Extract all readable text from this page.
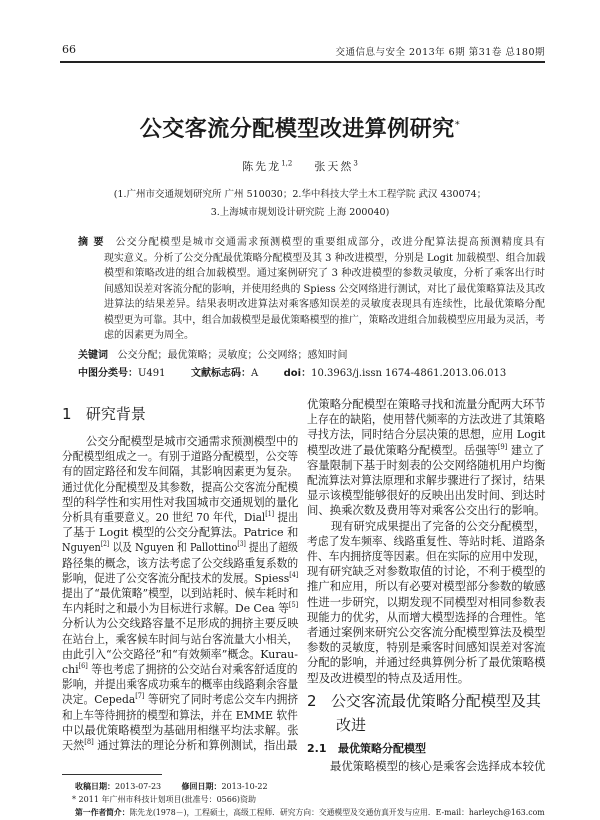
66	交通信息与安全 2013年 6期 第31卷 总180期
公交客流分配模型改进算例研究*
陈先龙$^{1,2}$ 张天然$^3$
(1.广州市交通规划研究所 广州 510030；2.华中科技大学土木工程学院 武汉 430074；
3.上海城市规划设计研究院 上海 200040)
摘 要　公交分配模型是城市交通需求预测模型的重要组成部分，改进分配算法提高预测精度具有
现实意义。分析了公交分配最优策略分配模型及其 3 种改进模型，分别是 Logit 加载模型、组合加载
模型和策略改进的组合加载模型。通过案例研究了 3 种改进模型的参数灵敏度，分析了乘客出行时
间感知误差对客流分配的影响，并使用经典的 Spiess 公交网络进行测试，对比了最优策略算法及其改
进算法的结果差异。结果表明改进算法对乘客感知误差的灵敏度表现具有连续性，比最优策略分配
模型更为可靠。其中，组合加载模型是最优策略模型的推广，策略改进组合加载模型应用最为灵活，考
虑的因素更为周全。
关键词 公交分配；最优策略；灵敏度；公交网络；感知时间
中图分类号：U491	文献标志码：A	doi：10.3963/j.issn 1674-4861.2013.06.013
1 研究背景
公交分配模型是城市交通需求预测模型中的
分配模型组成之一。有别于道路分配模型，公交等
有的固定路径和发车间隔，其影响因素更为复杂。
通过优化分配模型及其参数，提高公交客流分配模
型的科学性和实用性对我国城市交通规划的量化
分析具有重要意义。20 世纪 70 年代，Dial[1] 提出
了基于 Logit 模型的公交分配算法。Patrice 和
Nguyen[2] 以及 Nguyen 和 Pallottino[3] 提出了超级
路径集的概念，该方法考虑了公交线路重复系数的
影响，促进了公交客流分配技术的发展。Spiess[4]
提出了“最优策略”模型，以到站耗时、候车耗时和
车内耗时之和最小为目标进行求解。De Cea 等[5]
分析认为公交线路容量不足形成的拥挤主要反映
在站台上，乘客候车时间与站台客流量大小相关，
由此引入“公交路径”和“有效频率”概念。Kurau-
chi[6] 等也考虑了拥挤的公交站台对乘客舒适度的
影响，并提出乘客成功乘车的概率由线路剩余容量
决定。Cepeda[7] 等研究了同时考虑公交车内拥挤
和上车等待拥挤的模型和算法，并在 EMME 软件
中以最优策略模型为基础用相继平均法求解。张
天然[8] 通过算法的理论分析和算例测试，指出最
优策略分配模型在策略寻找和流量分配两大环节
上存在的缺陷，使用替代频率的方法改进了其策略
寻找方法，同时结合分层决策的思想，应用 Logit
模型改进了最优策略分配模型。岳强等[9] 建立了
容量限制下基于时刻表的公交网络随机用户均衡
配流算法对算法原理和求解步骤进行了探讨，结果
显示该模型能够很好的反映出出发时间、到达时
间、换乘次数及费用等对乘客公交出行的影响。
现有研究成果提出了完备的公交分配模型，
考虑了发车频率、线路重复性、等站时耗、道路条
件、车内拥挤度等因素。但在实际的应用中发现，
现有研究缺乏对参数取值的讨论，不利于模型的
推广和应用，所以有必要对模型部分参数的敏感
性进一步研究，以期发现不同模型对相同参数表
现能力的优劣，从而增大模型选择的合理性。笔
者通过案例来研究公交客流分配模型算法及模型
参数的灵敏度，特别是乘客时间感知误差对客流
分配的影响，并通过经典算例分析了最优策略模
型及改进模型的特点及适用性。
2 公交客流最优策略分配模型及其
改进
2.1 最优策略分配模型
最优策略模型的核心是乘客会选择成本较优
收稿日期：2013-07-23	修回日期：2013-10-22
* 2011 年广州市科技计划项目(批准号：0566)资助
第一作者简介：陈先龙(1978－)，工程硕士，高级工程师．研究方向：交通模型及交通仿真开发与应用．E-mail：harleych@163.com
